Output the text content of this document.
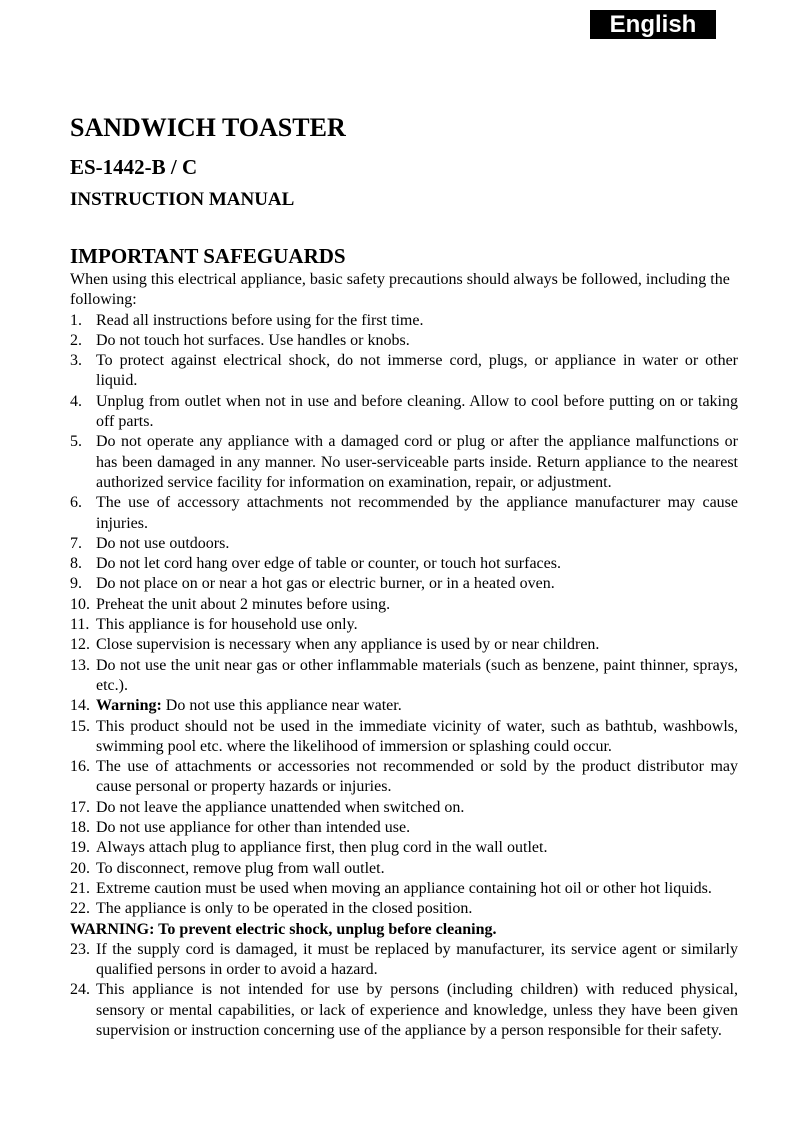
English
SANDWICH TOASTER
ES-1442-B / C
INSTRUCTION MANUAL
IMPORTANT SAFEGUARDS

When using this electrical appliance, basic safety precautions should always be followed, including the following:

1. Read all instructions before using for the first time.
2. Do not touch hot surfaces. Use handles or knobs.
3. To protect against electrical shock, do not immerse cord, plugs, or appliance in water or other liquid.
4. Unplug from outlet when not in use and before cleaning. Allow to cool before putting on or taking off parts.
5. Do not operate any appliance with a damaged cord or plug or after the appliance malfunctions or has been damaged in any manner. No user-serviceable parts inside. Return appliance to the nearest authorized service facility for information on examination, repair, or adjustment.
6. The use of accessory attachments not recommended by the appliance manufacturer may cause injuries.
7. Do not use outdoors.
8. Do not let cord hang over edge of table or counter, or touch hot surfaces.
9. Do not place on or near a hot gas or electric burner, or in a heated oven.
10. Preheat the unit about 2 minutes before using.
11. This appliance is for household use only.
12. Close supervision is necessary when any appliance is used by or near children.
13. Do not use the unit near gas or other inflammable materials (such as benzene, paint thinner, sprays, etc.).
14. Warning: Do not use this appliance near water.
15. This product should not be used in the immediate vicinity of water, such as bathtub, washbowls, swimming pool etc. where the likelihood of immersion or splashing could occur.
16. The use of attachments or accessories not recommended or sold by the product distributor may cause personal or property hazards or injuries.
17. Do not leave the appliance unattended when switched on.
18. Do not use appliance for other than intended use.
19. Always attach plug to appliance first, then plug cord in the wall outlet.
20. To disconnect, remove plug from wall outlet.
21. Extreme caution must be used when moving an appliance containing hot oil or other hot liquids.
22. The appliance is only to be operated in the closed position.

WARNING: To prevent electric shock, unplug before cleaning.

23. If the supply cord is damaged, it must be replaced by manufacturer, its service agent or similarly qualified persons in order to avoid a hazard.
24. This appliance is not intended for use by persons (including children) with reduced physical, sensory or mental capabilities, or lack of experience and knowledge, unless they have been given supervision or instruction concerning use of the appliance by a person responsible for their safety.
